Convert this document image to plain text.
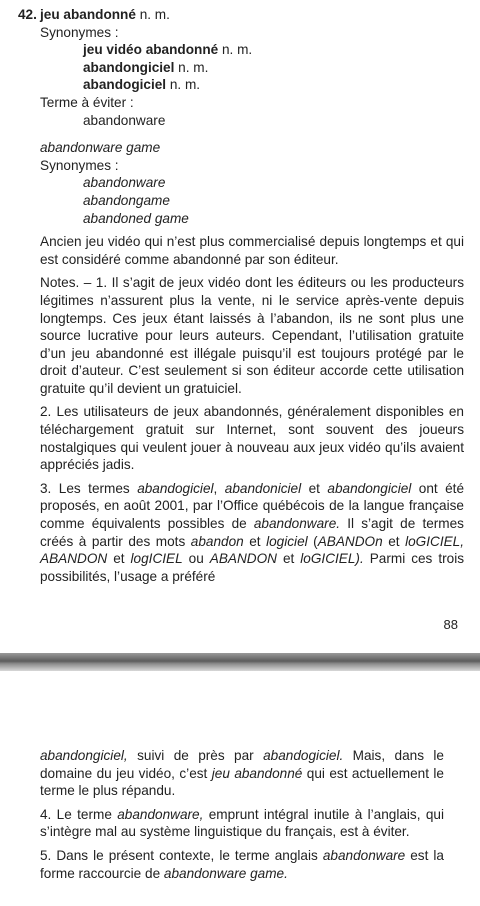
42. jeu abandonné n. m.
Synonymes :
jeu vidéo abandonné n. m.
abandongiciel n. m.
abandogiciel n. m.
Terme à éviter :
abandonware
abandonware game
Synonymes :
abandonware
abandongame
abandoned game
Ancien jeu vidéo qui n’est plus commercialisé depuis longtemps et qui est considéré comme abandonné par son éditeur.
Notes. – 1. Il s’agit de jeux vidéo dont les éditeurs ou les producteurs légitimes n’assurent plus la vente, ni le service après-vente depuis longtemps. Ces jeux étant laissés à l’abandon, ils ne sont plus une source lucrative pour leurs auteurs. Cependant, l’utilisation gratuite d’un jeu abandonné est illégale puisqu’il est toujours protégé par le droit d’auteur. C’est seulement si son éditeur accorde cette utilisation gratuite qu’il devient un gratuiciel.
2. Les utilisateurs de jeux abandonnés, généralement disponibles en téléchargement gratuit sur Internet, sont souvent des joueurs nostalgiques qui veulent jouer à nouveau aux jeux vidéo qu’ils avaient appréciés jadis.
3. Les termes abandogiciel, abandoniciel et abandongiciel ont été proposés, en août 2001, par l’Office québécois de la langue française comme équivalents possibles de abandonware. Il s’agit de termes créés à partir des mots abandon et logiciel (ABANDOn et loGICIEL, ABANDON et logICIEL ou ABANDON et loGICIEL). Parmi ces trois possibilités, l’usage a préféré
88
abandongiciel, suivi de près par abandogiciel. Mais, dans le domaine du jeu vidéo, c’est jeu abandonné qui est actuellement le terme le plus répandu.
4. Le terme abandonware, emprunt intégral inutile à l’anglais, qui s’intègre mal au système linguistique du français, est à éviter.
5. Dans le présent contexte, le terme anglais abandonware est la forme raccourcie de abandonware game.
